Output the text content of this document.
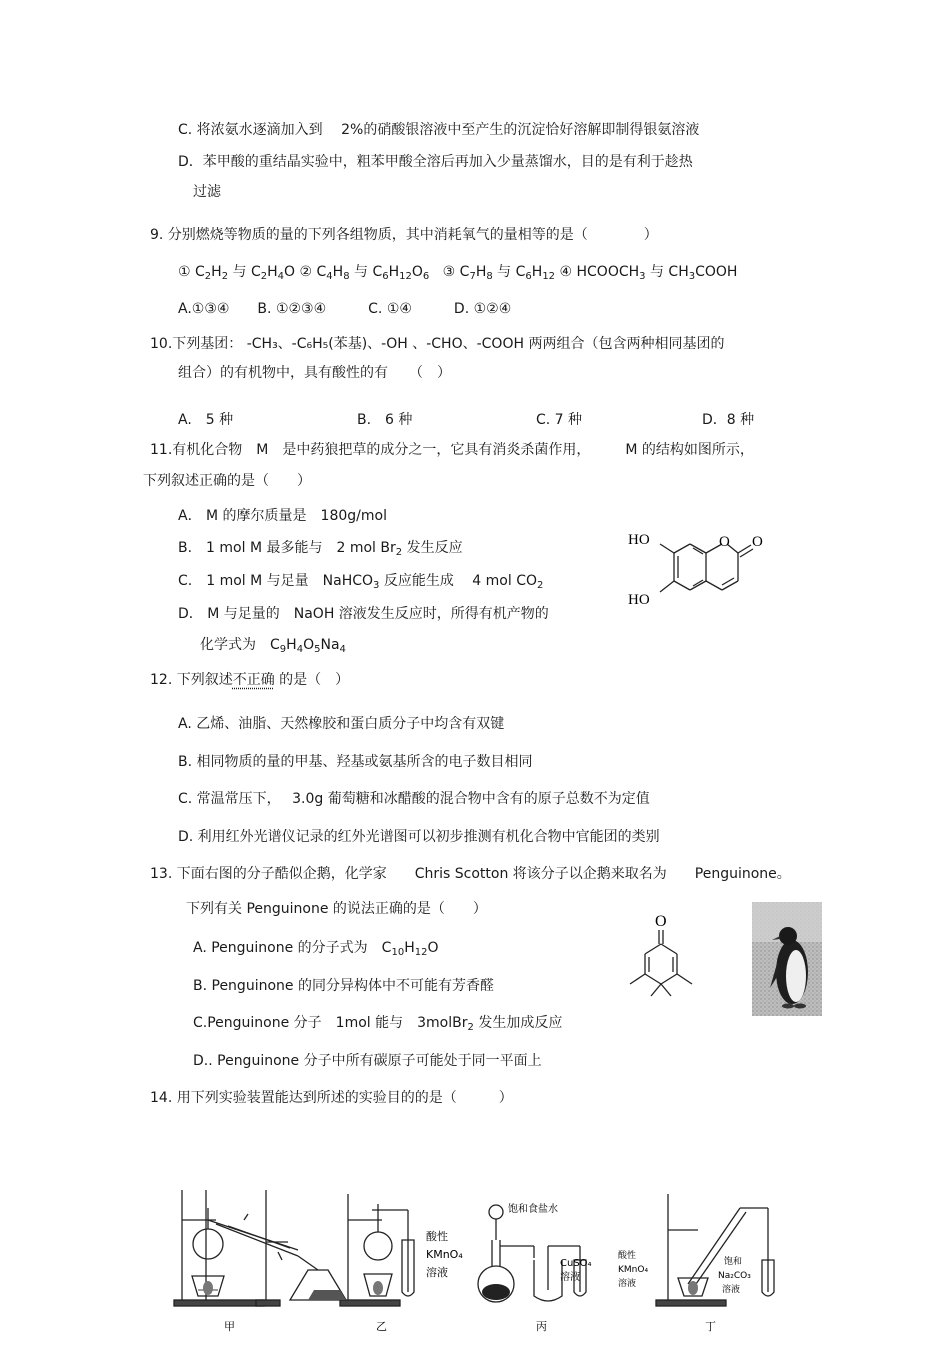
C. 将浓氨水逐滴加入到　 2%的硝酸银溶液中至产生的沉淀恰好溶解即制得银氨溶液
D．苯甲酸的重结晶实验中，粗苯甲酸全溶后再加入少量蒸馏水，目的是有利于趁热
过滤
9. 分别燃烧等物质的量的下列各组物质，其中消耗氧气的量相等的是（　　　　）
① $C_2H_2$ 与 $C_2H_4O$ ② $C_4H_8$ 与 $C_6H_{12}O_6$   ③ $C_7H_8$ 与 $C_6H_{12}$ ④ $HCOOCH_3$ 与 $CH_3COOH$
A.①③④　　B. ①②③④　　　C. ①④　　　D. ①②④
10.下列基团： -CH₃、-C₆H₅(苯基)、-OH 、-CHO、-COOH 两两组合（包含两种相同基团的
组合）的有机物中，具有酸性的有　　（　）
A.　5 种	B.　6 种	C. 7 种	D．8 种
11.有机化合物　M　是中药狼把草的成分之一，它具有消炎杀菌作用，　　　M 的结构如图所示，
下列叙述正确的是（　　）
A． M 的摩尔质量是　180g/mol
B.　1 mol M 最多能与　2 mol $Br_2$ 发生反应
C.　1 mol M 与足量　NaHCO$_3$ 反应能生成　 4 mol $CO_2$
D． M 与足量的　NaOH 溶液发生反应时，所得有机产物的
化学式为　$C_9H_4O_5Na_4$
HO
HO
O O
12. 下列叙述不正确 的是（　）
A. 乙烯、油脂、天然橡胶和蛋白质分子中均含有双键
B. 相同物质的量的甲基、羟基或氨基所含的电子数目相同
C. 常温常压下，　 3.0g 葡萄糖和冰醋酸的混合物中含有的原子总数不为定值
D. 利用红外光谱仪记录的红外光谱图可以初步推测有机化合物中官能团的类别
13. 下面右图的分子酷似企鹅，化学家　　Chris Scotton 将该分子以企鹅来取名为　　Penguinone。
下列有关 Penguinone 的说法正确的是（　　）
A. Penguinone 的分子式为　$C_{10}H_{12}O$
B. Penguinone 的同分异构体中不可能有芳香醛
C.Penguinone 分子　1mol 能与　3molBr$_2$ 发生加成反应
D.. Penguinone 分子中所有碳原子可能处于同一平面上
O
14. 用下列实验装置能达到所述的实验目的的是（　　　）
酸性
KMnO₄
溶液
饱和食盐水
CuSO₄
溶液
酸性
KMnO₄
溶液
饱和
Na₂CO₃
溶液
甲	乙	丙	丁
